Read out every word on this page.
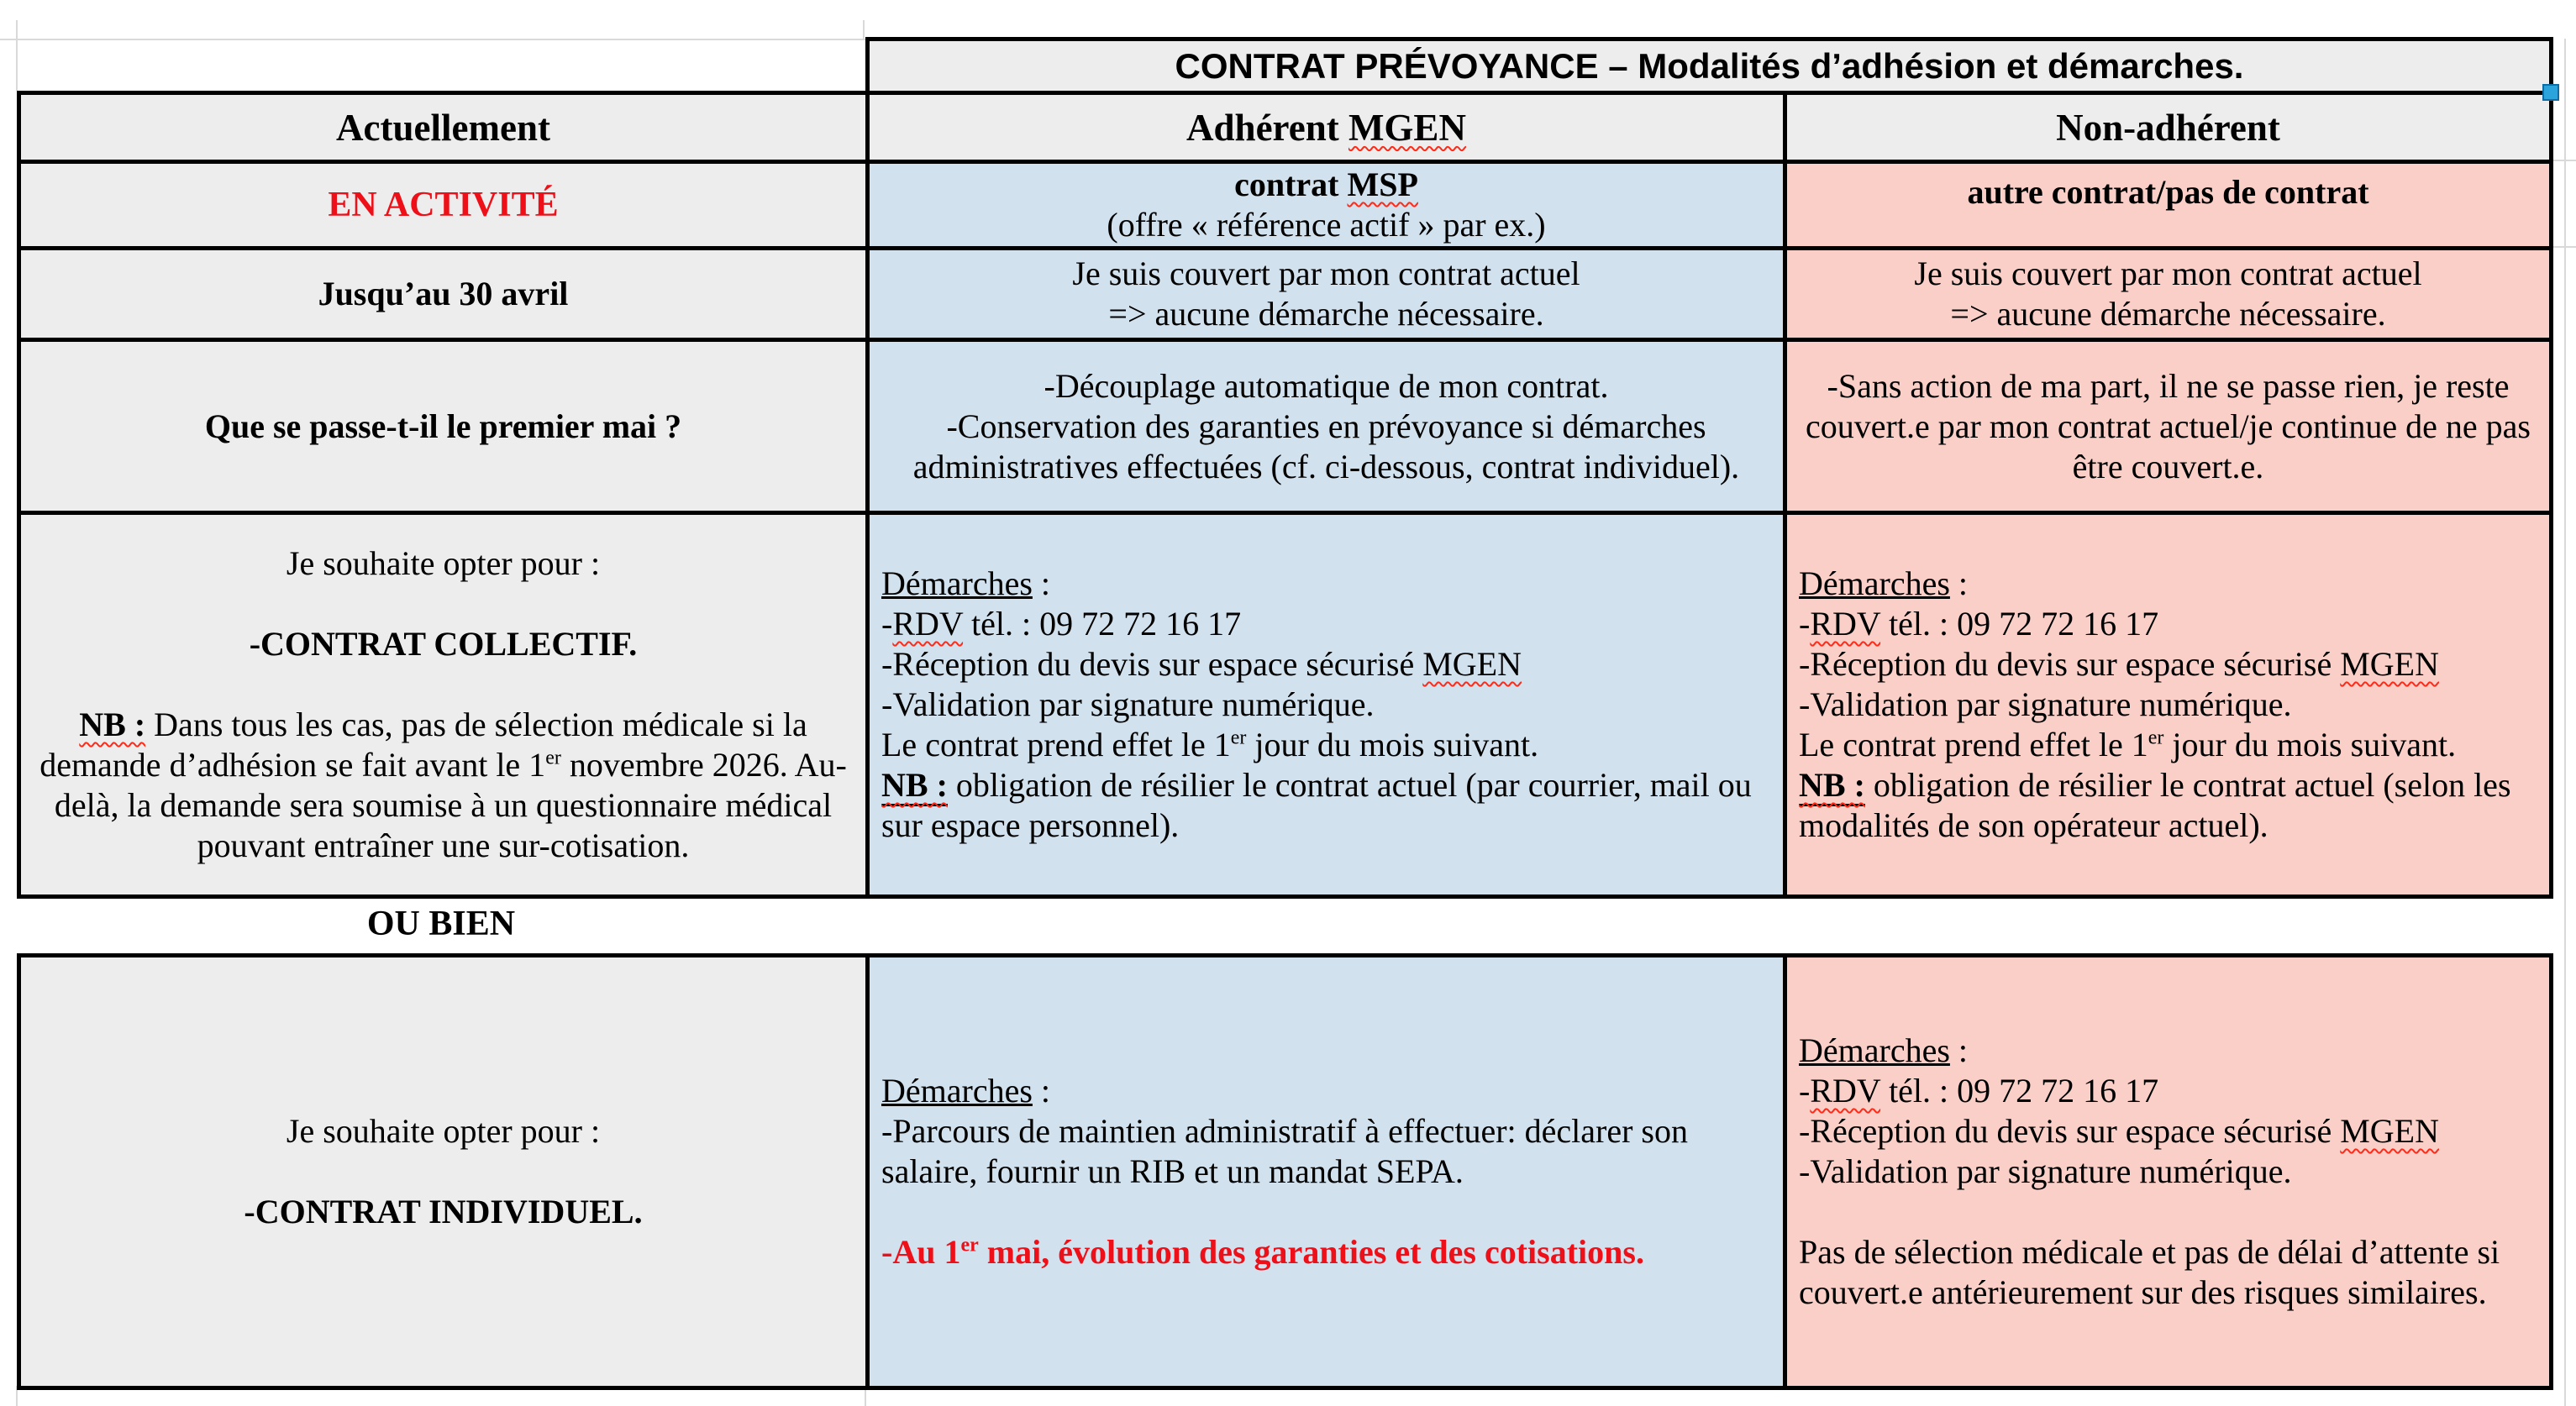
CONTRAT PRÉVOYANCE – Modalités d’adhésion et démarches.
Actuellement	Adhérent MGEN	Non-adhérent
EN ACTIVITÉ
contrat MSP
(offre « référence actif » par ex.)
autre contrat/pas de contrat
Jusqu’au 30 avril
Je suis couvert par mon contrat actuel
=> aucune démarche nécessaire.
Je suis couvert par mon contrat actuel
=> aucune démarche nécessaire.
Que se passe-t-il le premier mai ?
-Découplage automatique de mon contrat.
-Conservation des garanties en prévoyance si démarches administratives effectuées (cf. ci-dessous, contrat individuel).
-Sans action de ma part, il ne se passe rien, je reste couvert.e par mon contrat actuel/je continue de ne pas être couvert.e.
Je souhaite opter pour :

-CONTRAT COLLECTIF.

NB : Dans tous les cas, pas de sélection médicale si la demande d’adhésion se fait avant le 1er novembre 2026. Au-delà, la demande sera soumise à un questionnaire médical pouvant entraîner une sur-cotisation.
Démarches :
-RDV tél. : 09 72 72 16 17
-Réception du devis sur espace sécurisé MGEN
-Validation par signature numérique.
Le contrat prend effet le 1er jour du mois suivant.
NB : obligation de résilier le contrat actuel (par courrier, mail ou sur espace personnel).
Démarches :
-RDV tél. : 09 72 72 16 17
-Réception du devis sur espace sécurisé MGEN
-Validation par signature numérique.
Le contrat prend effet le 1er jour du mois suivant.
NB : obligation de résilier le contrat actuel (selon les modalités de son opérateur actuel).
OU BIEN
Je souhaite opter pour :

-CONTRAT INDIVIDUEL.
Démarches :
-Parcours de maintien administratif à effectuer: déclarer son salaire, fournir un RIB et un mandat SEPA.

-Au 1er mai, évolution des garanties et des cotisations.
Démarches :
-RDV tél. : 09 72 72 16 17
-Réception du devis sur espace sécurisé MGEN
-Validation par signature numérique.

Pas de sélection médicale et pas de délai d’attente si couvert.e antérieurement sur des risques similaires.
